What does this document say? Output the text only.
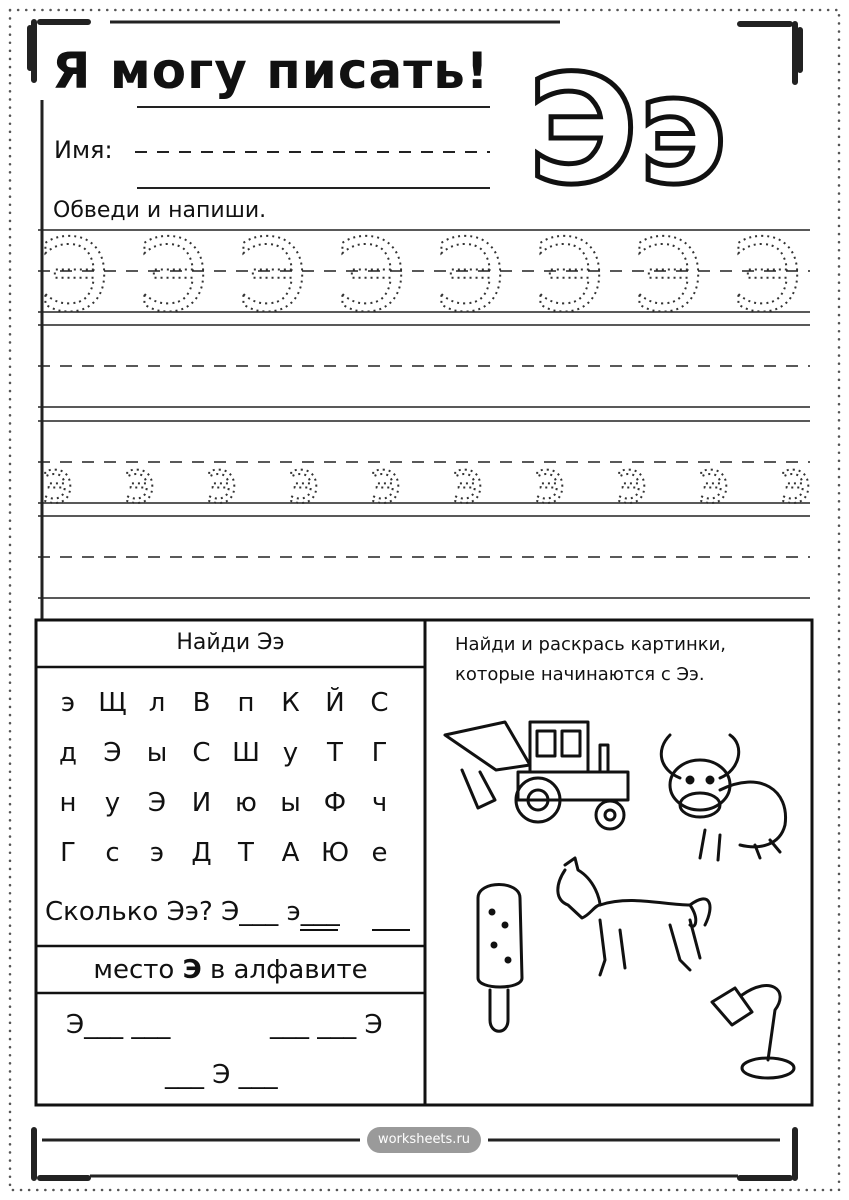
Ээ
Э Э Э Э Э Э Э Э
э э э э э э э э э э
Я могу писать!
Имя:
Обведи и напиши.
Найди Ээ
э Щ л	В	п	К Й С
д	Э ы С Ш у	Т	Г
н	у	Э И ю ы Ф ч
Г	с	э	Д	Т	А Ю е
Сколько Ээ? Э___ э___
место Э в алфавите
Э___ ___	___ ___ Э
___ Э ___
Найди и раскрась картинки,
которые начинаются с Ээ.
worksheets.ru
